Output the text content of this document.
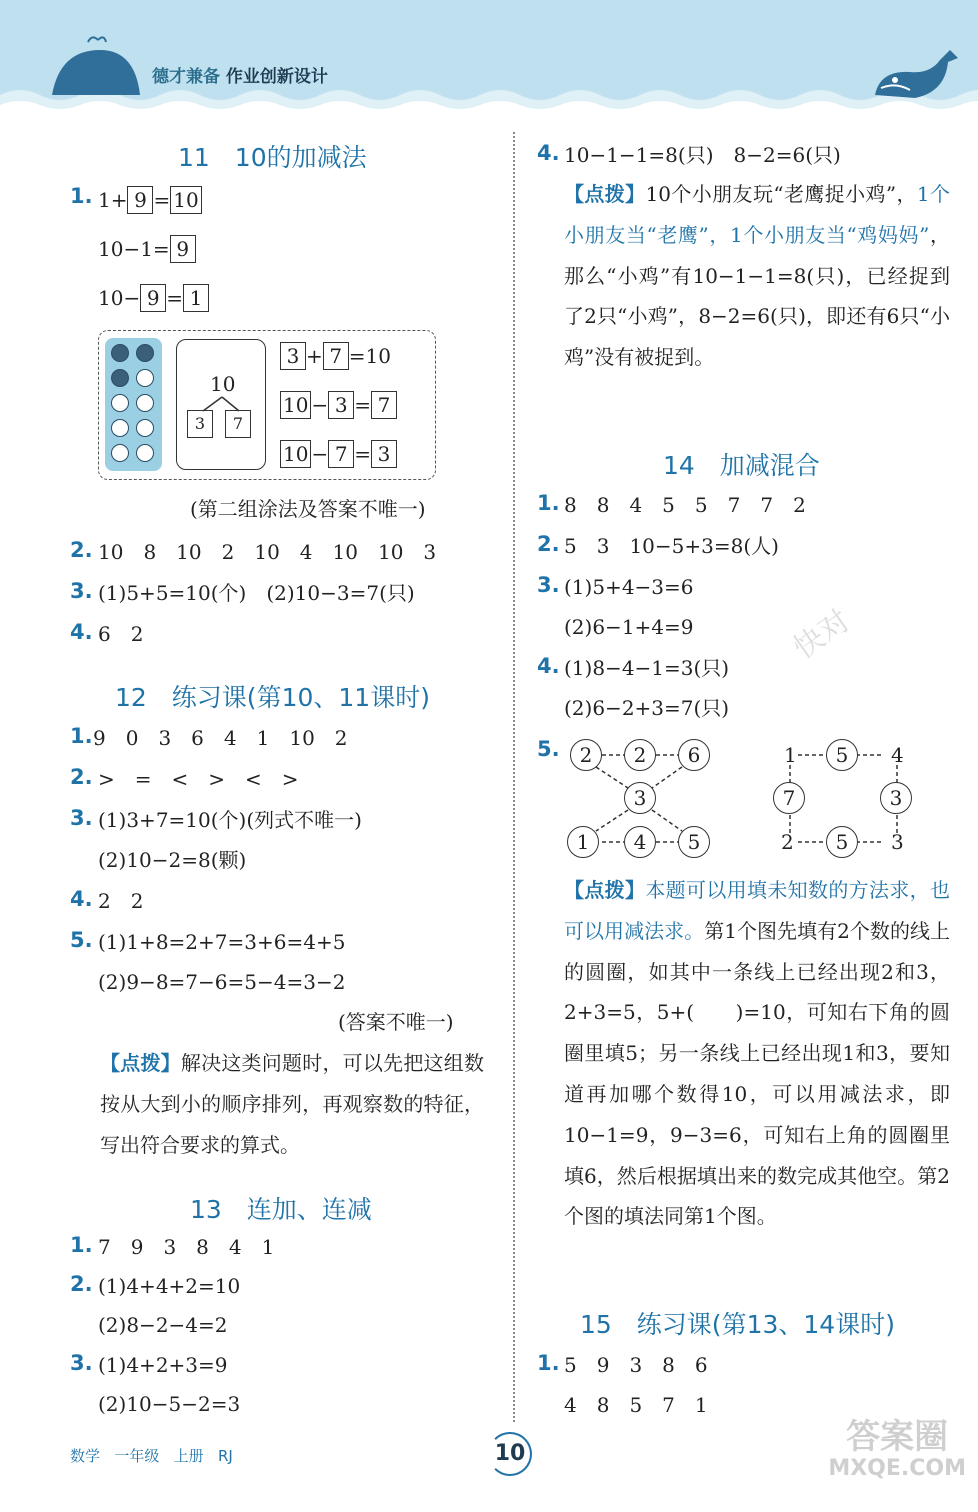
德才兼备 作业创新设计
11　10的加减法
1. 1+ 9 = 10
10−1= 9
10− 9 = 1
10
3	7
3 + 7 =10
10 − 3 = 7
10 − 7 = 3
(第二组涂法及答案不唯一)
2. 10　8　10　2　10　4　10　10　3
3. (1)5+5=10(个)　(2)10−3=7(只)
4. 6　2
12　练习课(第10、11课时)
1. 9　0　3　6　4　1　10　2
2. >　=　<　>　<　>
3. (1)3+7=10(个)(列式不唯一)
(2)10−2=8(颗)
4. 2　2
5. (1)1+8=2+7=3+6=4+5
(2)9−8=7−6=5−4=3−2
(答案不唯一)
【点拨】解决这类问题时，可以先把这组数按从大到小的顺序排列，再观察数的特征，写出符合要求的算式。
13　连加、连减
1. 7　9　3　8　4　1
2. (1)4+4+2=10
(2)8−2−4=2
3. (1)4+2+3=9
(2)10−5−2=3
4. 10−1−1=8(只)　8−2=6(只)
【点拨】10个小朋友玩“老鹰捉小鸡”，1个小朋友当“老鹰”，1个小朋友当“鸡妈妈”，那么“小鸡”有10−1−1=8(只)，已经捉到了2只“小鸡”，8−2=6(只)，即还有6只“小鸡”没有被捉到。
14　加减混合
1. 8　8　4　5　5　7　7　2
2. 5　3　10−5+3=8(人)
3. (1)5+4−3=6
(2)6−1+4=9
4. (1)8−4−1=3(只)
(2)6−2+3=7(只)
5.	2	2	6
3
1	4	5
1	5	4
7	3
2	5	3
【点拨】本题可以用填未知数的方法求，也可以用减法求。第1个图先填有2个数的线上的圆圈，如其中一条线上已经出现2和3，2+3=5，5+(　　)=10，可知右下角的圆圈里填5；另一条线上已经出现1和3，要知道再加哪个数得10，可以用减法求，即10−1=9，9−3=6，可知右上角的圆圈里填6，然后根据填出来的数完成其他空。第2个图的填法同第1个图。
15　练习课(第13、14课时)
1. 5　9　3　8　6
4　8　5　7　1
数学 一年级 上册 RJ	10	答案圈
MXQE.COM
快对
